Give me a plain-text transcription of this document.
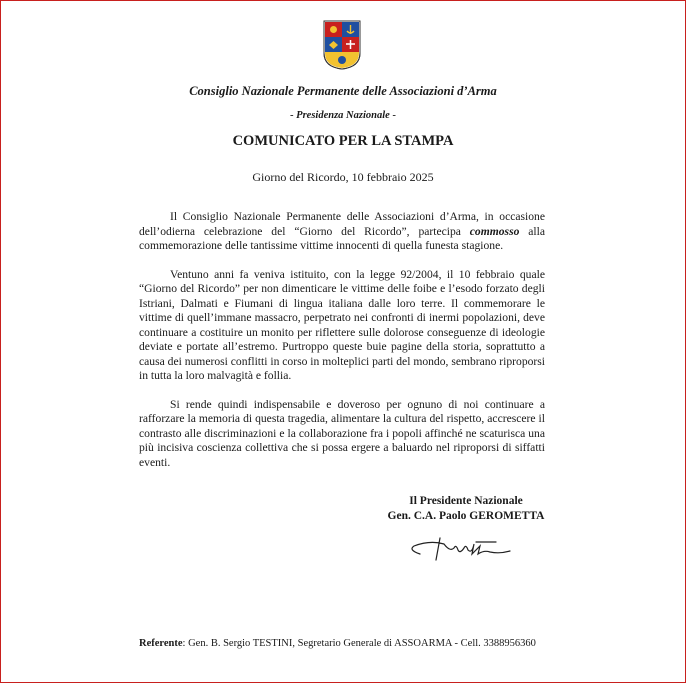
Consiglio Nazionale Permanente delle Associazioni d’Arma
- Presidenza Nazionale -
COMUNICATO PER LA STAMPA
Giorno del Ricordo, 10 febbraio 2025

Il Consiglio Nazionale Permanente delle Associazioni d’Arma, in occasione dell’odierna celebrazione del “Giorno del Ricordo”, partecipa commosso alla commemorazione delle tantissime vittime innocenti di quella funesta stagione.

Ventuno anni fa veniva istituito, con la legge 92/2004, il 10 febbraio quale “Giorno del Ricordo” per non dimenticare le vittime delle foibe e l’esodo forzato degli Istriani, Dalmati e Fiumani di lingua italiana dalle loro terre. Il commemorare le vittime di quell’immane massacro, perpetrato nei confronti di inermi popolazioni, deve continuare a costituire un monito per riflettere sulle dolorose conseguenze di ideologie deviate e portate all’estremo. Purtroppo queste buie pagine della storia, soprattutto a causa dei numerosi conflitti in corso in molteplici parti del mondo, sembrano riproporsi in tutta la loro malvagità e follia.

Si rende quindi indispensabile e doveroso per ognuno di noi continuare a rafforzare la memoria di questa tragedia, alimentare la cultura del rispetto, accrescere il contrasto alle discriminazioni e la collaborazione fra i popoli affinché ne scaturisca una più incisiva coscienza collettiva che si possa ergere a baluardo nel riproporsi di siffatti eventi.

Il Presidente Nazionale
Gen. C.A. Paolo GEROMETTA
Referente: Gen. B. Sergio TESTINI, Segretario Generale di ASSOARMA - Cell. 3388956360
